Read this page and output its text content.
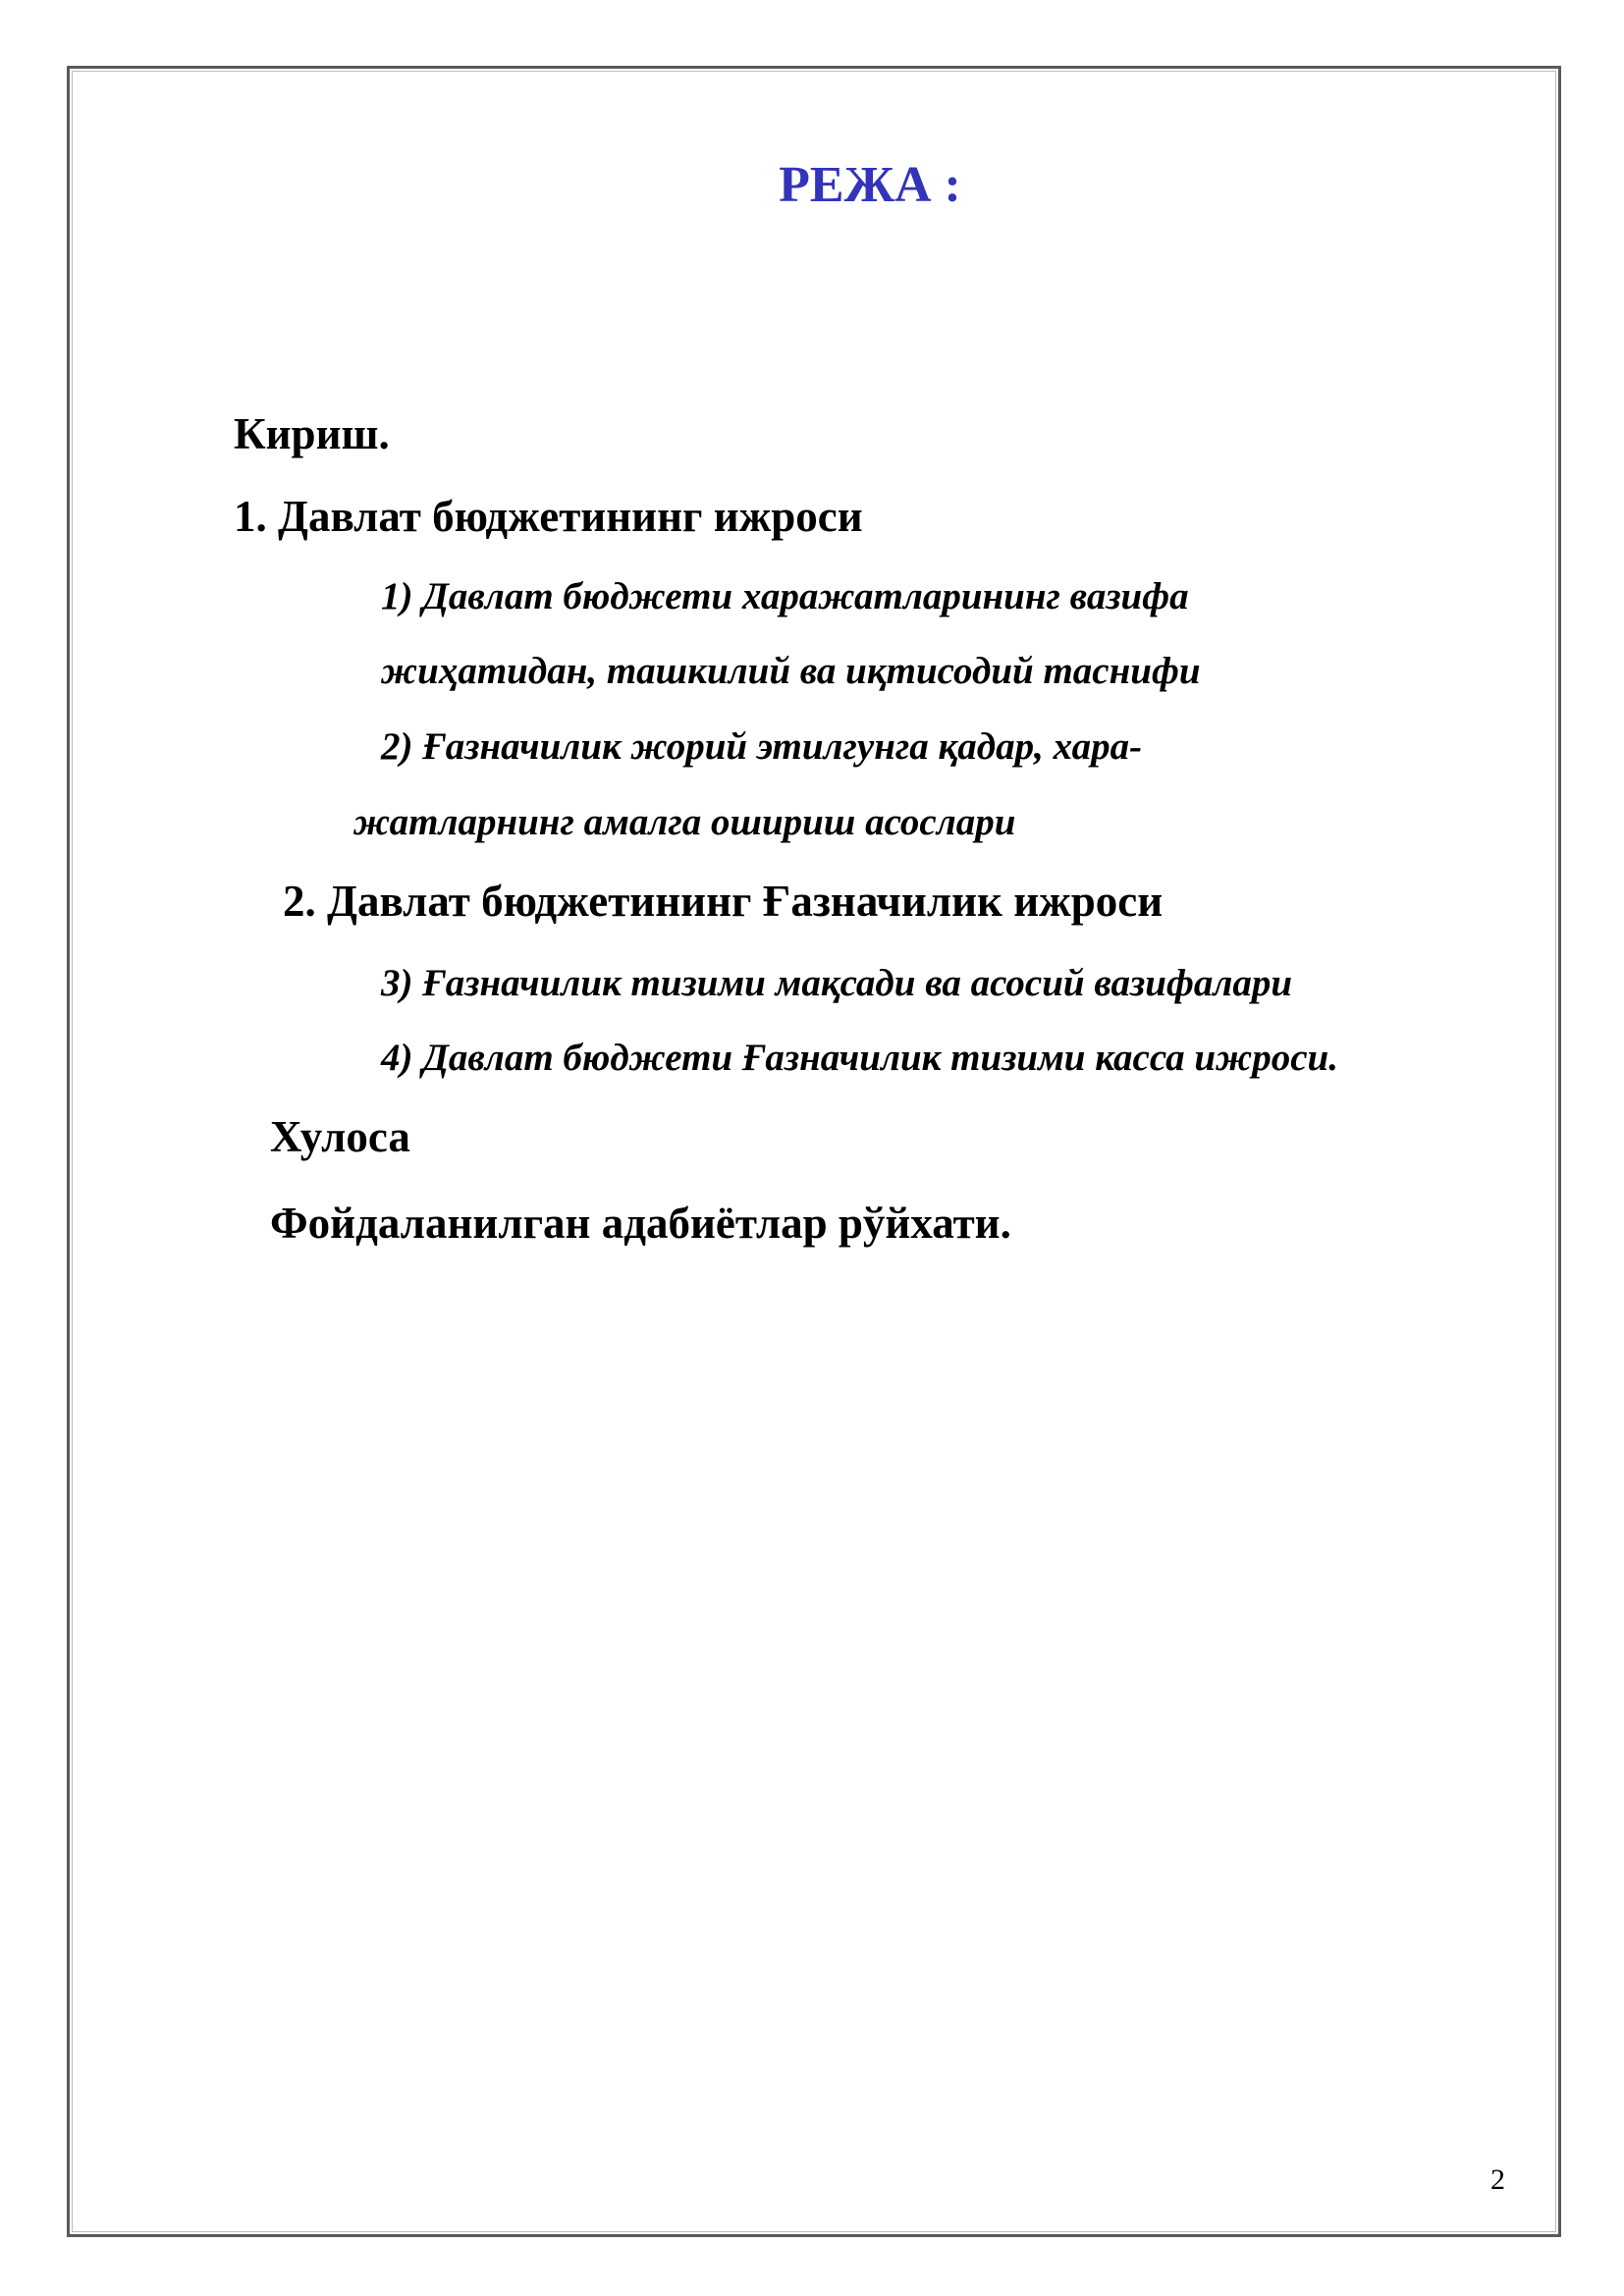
РЕЖА :
Кириш.
1. Давлат бюджетининг ижроси
1) Давлат бюджети харажатларининг вазифа
жиҳатидан, ташкилий ва иқтисодий таснифи
2) Ғазначилик жорий этилгунга қадар, хара-
жатларнинг амалга ошириш асослари
2. Давлат бюджетининг Ғазначилик ижроси
3) Ғазначилик тизими мақсади ва асосий вазифалари
4) Давлат бюджети Ғазначилик тизими касса ижроси.
Хулоса
Фойдаланилган адабиётлар рўйхати.
2
